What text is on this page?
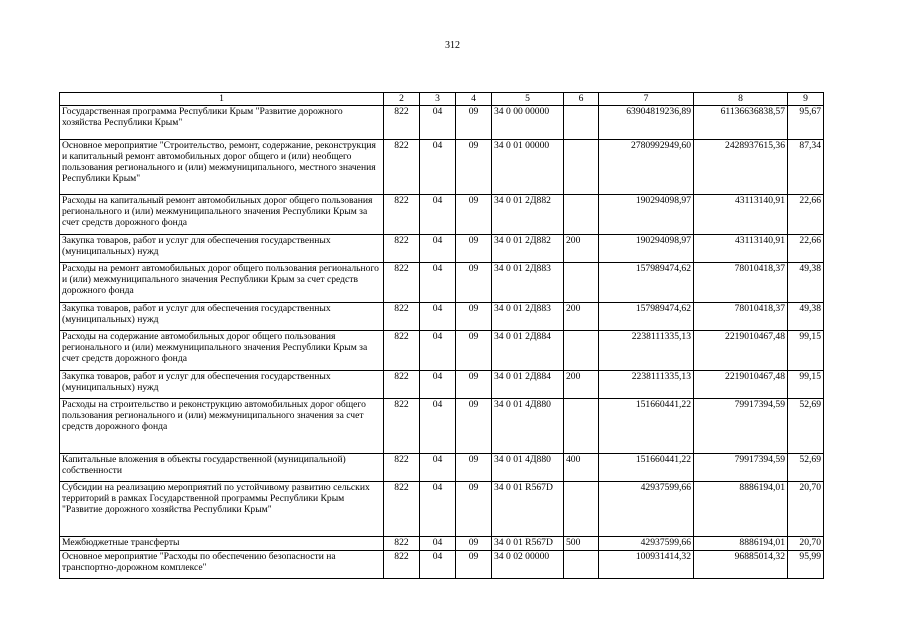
312
1	2	3	4	5	6	7	8	9
Государственная программа Республики Крым "Развитие дорожного хозяйства Республики Крым"	822	04	09	34 0 00 00000		63904819236,89	61136636838,57	95,67
Основное мероприятие "Строительство, ремонт, содержание, реконструкция и капитальный ремонт автомобильных дорог общего и (или) необщего пользования регионального и (или) межмуниципального, местного значения Республики Крым"	822	04	09	34 0 01 00000		2780992949,60	2428937615,36	87,34
Расходы на капитальный ремонт автомобильных дорог общего пользования регионального и (или) межмуниципального значения Республики Крым за счет средств дорожного фонда	822	04	09	34 0 01 2Д882		190294098,97	43113140,91	22,66
Закупка товаров, работ и услуг для обеспечения государственных (муниципальных) нужд	822	04	09	34 0 01 2Д882	200	190294098,97	43113140,91	22,66
Расходы на ремонт автомобильных дорог общего пользования регионального и (или) межмуниципального значения Республики Крым за счет средств дорожного фонда	822	04	09	34 0 01 2Д883		157989474,62	78010418,37	49,38
Закупка товаров, работ и услуг для обеспечения государственных (муниципальных) нужд	822	04	09	34 0 01 2Д883	200	157989474,62	78010418,37	49,38
Расходы на содержание автомобильных дорог общего пользования регионального и (или) межмуниципального значения Республики Крым за счет средств дорожного фонда	822	04	09	34 0 01 2Д884		2238111335,13	2219010467,48	99,15
Закупка товаров, работ и услуг для обеспечения государственных (муниципальных) нужд	822	04	09	34 0 01 2Д884	200	2238111335,13	2219010467,48	99,15
Расходы на строительство и реконструкцию автомобильных дорог общего пользования регионального и (или) межмуниципального значения за счет средств дорожного фонда	822	04	09	34 0 01 4Д880		151660441,22	79917394,59	52,69
Капитальные вложения в объекты государственной (муниципальной) собственности	822	04	09	34 0 01 4Д880	400	151660441,22	79917394,59	52,69
Субсидии на реализацию мероприятий по устойчивому развитию сельских территорий в рамках Государственной программы Республики Крым "Развитие дорожного хозяйства Республики Крым"	822	04	09	34 0 01 R567D		42937599,66	8886194,01	20,70
Межбюджетные трансферты	822	04	09	34 0 01 R567D	500	42937599,66	8886194,01	20,70
Основное мероприятие "Расходы по обеспечению безопасности на транспортно-дорожном комплексе"	822	04	09	34 0 02 00000		100931414,32	96885014,32	95,99
